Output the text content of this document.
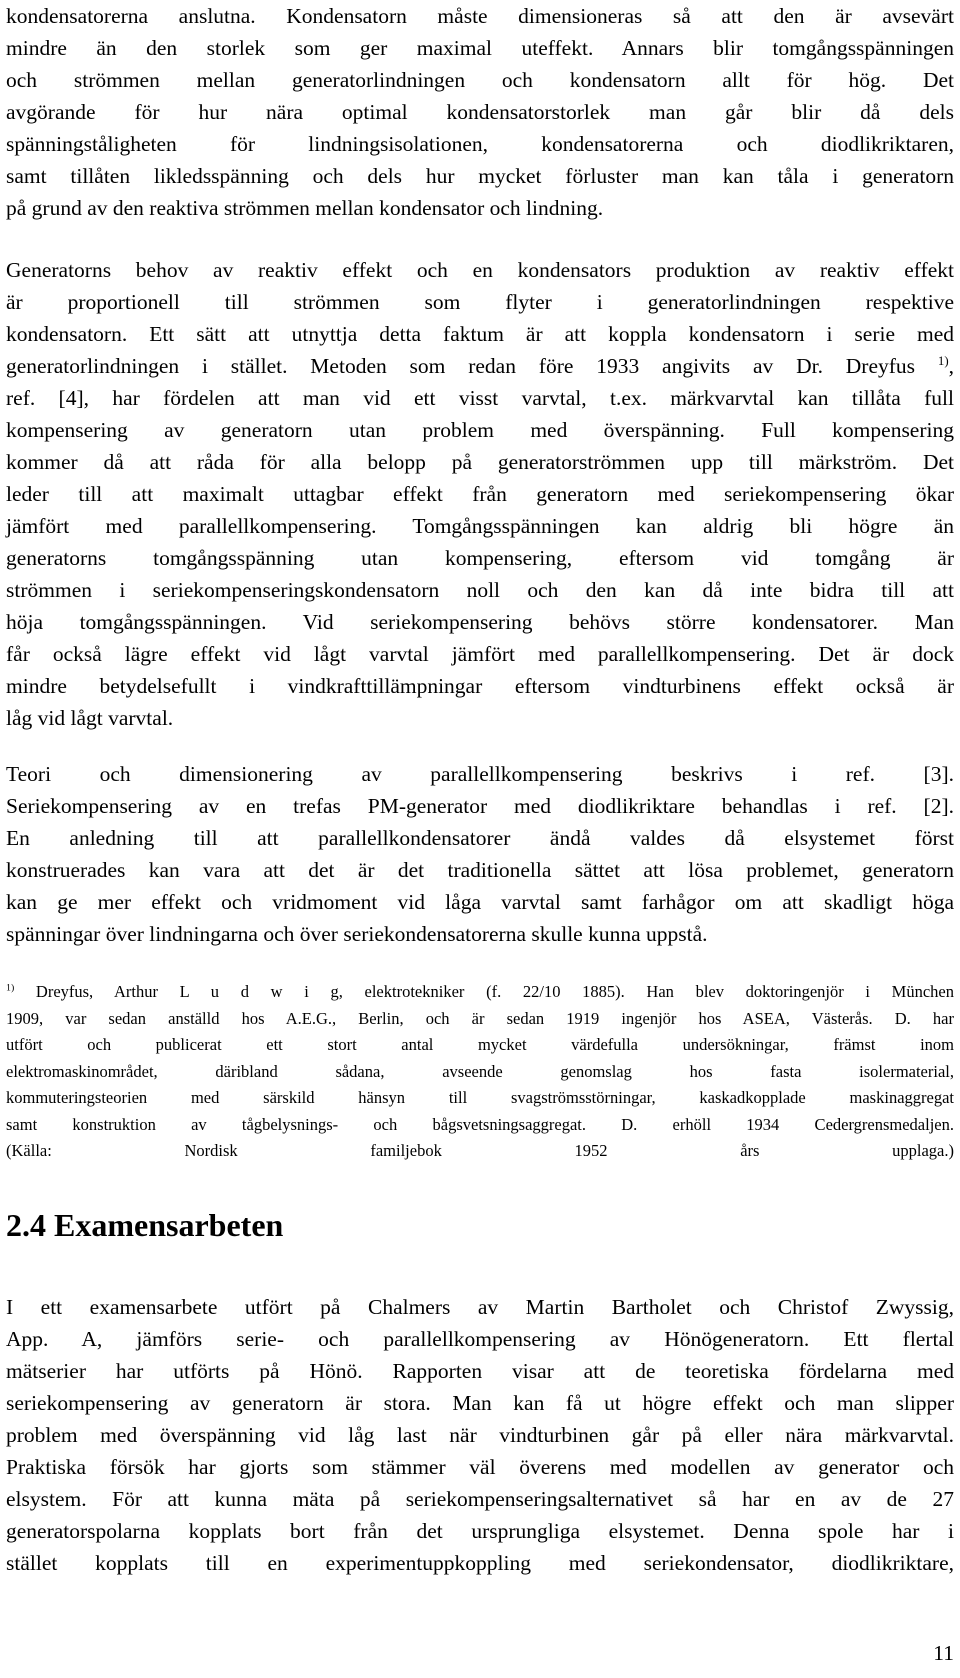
kondensatorerna anslutna. Kondensatorn måste dimensioneras så att den är avsevärt
mindre än den storlek som ger maximal uteffekt. Annars blir tomgångsspänningen
och strömmen mellan generatorlindningen och kondensatorn allt för hög. Det
avgörande för hur nära optimal kondensatorstorlek man går blir då dels
spänningståligheten för lindningsisolationen, kondensatorerna och diodlikriktaren,
samt tillåten likledsspänning och dels hur mycket förluster man kan tåla i generatorn
på grund av den reaktiva strömmen mellan kondensator och lindning.
Generatorns behov av reaktiv effekt och en kondensators produktion av reaktiv effekt
är proportionell till strömmen som flyter i generatorlindningen respektive
kondensatorn. Ett sätt att utnyttja detta faktum är att koppla kondensatorn i serie med
generatorlindningen i stället. Metoden som redan före 1933 angivits av Dr. Dreyfus $^{1)}$,
ref. [4], har fördelen att man vid ett visst varvtal, t.ex. märkvarvtal kan tillåta full
kompensering av generatorn utan problem med överspänning. Full kompensering
kommer då att råda för alla belopp på generatorströmmen upp till märkström. Det
leder till att maximalt uttagbar effekt från generatorn med seriekompensering ökar
jämfört med parallellkompensering. Tomgångsspänningen kan aldrig bli högre än
generatorns tomgångsspänning utan kompensering, eftersom vid tomgång är
strömmen i seriekompenseringskondensatorn noll och den kan då inte bidra till att
höja tomgångsspänningen. Vid seriekompensering behövs större kondensatorer. Man
får också lägre effekt vid lågt varvtal jämfört med parallellkompensering. Det är dock
mindre betydelsefullt i vindkrafttillämpningar eftersom vindturbinens effekt också är
låg vid lågt varvtal.
Teori och dimensionering av parallellkompensering beskrivs i ref. [3].
Seriekompensering av en trefas PM-generator med diodlikriktare behandlas i ref. [2].
En anledning till att parallellkondensatorer ändå valdes då elsystemet först
konstruerades kan vara att det är det traditionella sättet att lösa problemet, generatorn
kan ge mer effekt och vridmoment vid låga varvtal samt farhågor om att skadligt höga
spänningar över lindningarna och över seriekondensatorerna skulle kunna uppstå.
$^{1)}$ Dreyfus, Arthur L u d w i g, elektrotekniker (f. 22/10 1885). Han blev doktoringenjör i München
1909, var sedan anställd hos A.E.G., Berlin, och är sedan 1919 ingenjör hos ASEA, Västerås. D. har
utfört och publicerat ett stort antal mycket värdefulla undersökningar, främst inom
elektromaskinområdet, däribland sådana, avseende genomslag hos fasta isolermaterial,
kommuteringsteorien med särskild hänsyn till svagströmsstörningar, kaskadkopplade maskinaggregat
samt konstruktion av tågbelysnings- och bågsvetsningsaggregat. D. erhöll 1934 Cedergrensmedaljen.
(Källa: Nordisk familjebok 1952 års upplaga.)
2.4 Examensarbeten
I ett examensarbete utfört på Chalmers av Martin Bartholet och Christof Zwyssig,
App. A, jämförs serie- och parallellkompensering av Hönögeneratorn. Ett flertal
mätserier har utförts på Hönö. Rapporten visar att de teoretiska fördelarna med
seriekompensering av generatorn är stora. Man kan få ut högre effekt och man slipper
problem med överspänning vid låg last när vindturbinen går på eller nära märkvarvtal.
Praktiska försök har gjorts som stämmer väl överens med modellen av generator och
elsystem. För att kunna mäta på seriekompenseringsalternativet så har en av de 27
generatorspolarna kopplats bort från det ursprungliga elsystemet. Denna spole har i
stället kopplats till en experimentuppkoppling med seriekondensator, diodlikriktare,
11
